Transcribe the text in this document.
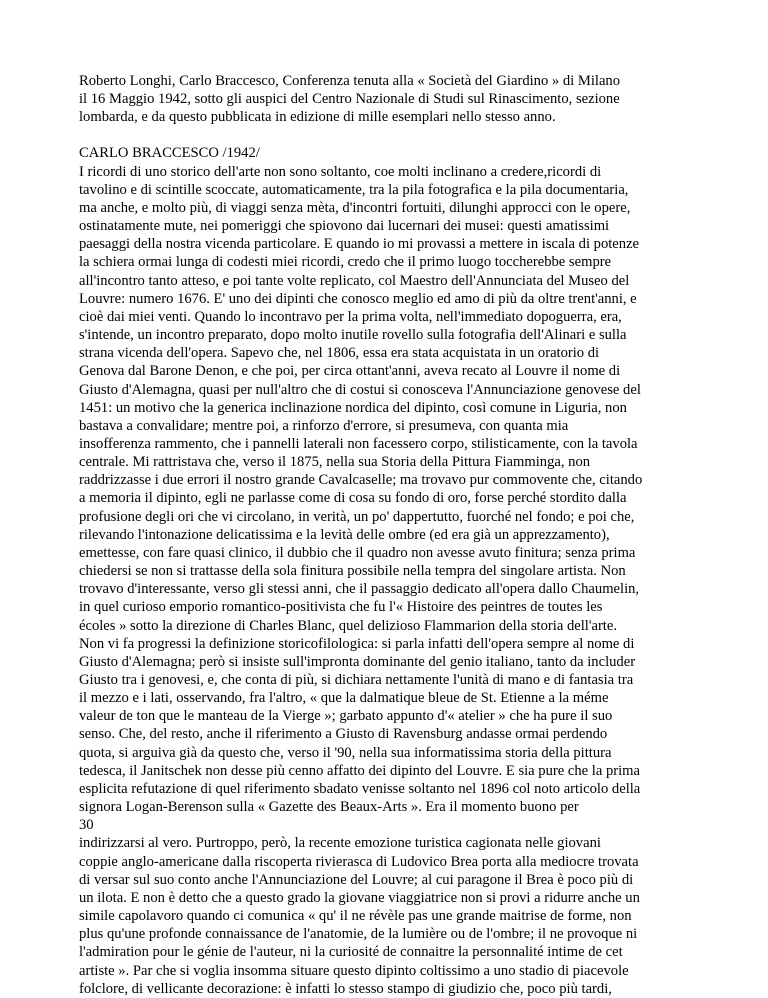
Roberto Longhi, Carlo Braccesco, Conferenza tenuta alla « Società del Giardino » di Milano
il 16 Maggio 1942, sotto gli auspici del Centro Nazionale di Studi sul Rinascimento, sezione
lombarda, e da questo pubblicata in edizione di mille esemplari nello stesso anno.
CARLO BRACCESCO /1942/
I ricordi di uno storico dell'arte non sono soltanto, coe molti inclinano a credere,ricordi di
tavolino e di scintille scoccate, automaticamente, tra la pila fotografica e la pila documentaria,
ma anche, e molto più, di viaggi senza mèta, d'incontri fortuiti, dilunghi approcci con le opere,
ostinatamente mute, nei pomeriggi che spiovono dai lucernari dei musei: questi amatissimi
paesaggi della nostra vicenda particolare. E quando io mi provassi a mettere in iscala di potenze
la schiera ormai lunga di codesti miei ricordi, credo che il primo luogo toccherebbe sempre
all'incontro tanto atteso, e poi tante volte replicato, col Maestro dell'Annunciata del Museo del
Louvre: numero 1676. E' uno dei dipinti che conosco meglio ed amo di più da oltre trent'anni, e
cioè dai miei venti. Quando lo incontravo per la prima volta, nell'immediato dopoguerra, era,
s'intende, un incontro preparato, dopo molto inutile rovello sulla fotografia dell'Alinari e sulla
strana vicenda dell'opera. Sapevo che, nel 1806, essa era stata acquistata in un oratorio di
Genova dal Barone Denon, e che poi, per circa ottant'anni, aveva recato al Louvre il nome di
Giusto d'Alemagna, quasi per null'altro che di costui si conosceva l'Annunciazione genovese del
1451: un motivo che la generica inclinazione nordica del dipinto, così comune in Liguria, non
bastava a convalidare; mentre poi, a rinforzo d'errore, si presumeva, con quanta mia
insofferenza rammento, che i pannelli laterali non facessero corpo, stilisticamente, con la tavola
centrale. Mi rattristava che, verso il 1875, nella sua Storia della Pittura Fiamminga, non
raddrizzasse i due errori il nostro grande Cavalcaselle; ma trovavo pur commovente che, citando
a memoria il dipinto, egli ne parlasse come di cosa su fondo di oro, forse perché stordito dalla
profusione degli ori che vi circolano, in verità, un po' dappertutto, fuorché nel fondo; e poi che,
rilevando l'intonazione delicatissima e la levità delle ombre (ed era già un apprezzamento),
emettesse, con fare quasi clinico, il dubbio che il quadro non avesse avuto finitura; senza prima
chiedersi se non si trattasse della sola finitura possibile nella tempra del singolare artista. Non
trovavo d'interessante, verso gli stessi anni, che il passaggio dedicato all'opera dallo Chaumelin,
in quel curioso emporio romantico-positivista che fu l'« Histoire des peintres de toutes les
écoles » sotto la direzione di Charles Blanc, quel delizioso Flammarion della storia dell'arte.
Non vi fa progressi la definizione storicofilologica: si parla infatti dell'opera sempre al nome di
Giusto d'Alemagna; però si insiste sull'impronta dominante del genio italiano, tanto da includer
Giusto tra i genovesi, e, che conta di più, si dichiara nettamente l'unità di mano e di fantasia tra
il mezzo e i lati, osservando, fra l'altro, « que la dalmatique bleue de St. Etienne a la méme
valeur de ton que le manteau de la Vierge »; garbato appunto d'« atelier » che ha pure il suo
senso. Che, del resto, anche il riferimento a Giusto di Ravensburg andasse ormai perdendo
quota, si arguiva già da questo che, verso il '90, nella sua informatissima storia della pittura
tedesca, il Janitschek non desse più cenno affatto dei dipinto del Louvre. E sia pure che la prima
esplicita refutazione di quel riferimento sbadato venisse soltanto nel 1896 col noto articolo della
signora Logan-Berenson sulla « Gazette des Beaux-Arts ». Era il momento buono per
30
indirizzarsi al vero. Purtroppo, però, la recente emozione turistica cagionata nelle giovani
coppie anglo-americane dalla riscoperta rivierasca di Ludovico Brea porta alla mediocre trovata
di versar sul suo conto anche l'Annunciazione del Louvre; al cui paragone il Brea è poco più di
un ilota. E non è detto che a questo grado la giovane viaggiatrice non si provi a ridurre anche un
simile capolavoro quando ci comunica « qu' il ne révèle pas une grande maitrise de forme, non
plus qu'une profonde connaissance de l'anatomie, de la lumière ou de l'ombre; il ne provoque ni
l'admiration pour le génie de l'auteur, ni la curiosité de connaitre la personnalité intime de cet
artiste ». Par che si voglia insomma situare questo dipinto coltissimo a uno stadio di piacevole
folclore, di vellicante decorazione: è infatti lo stesso stampo di giudizio che, poco più tardi,
